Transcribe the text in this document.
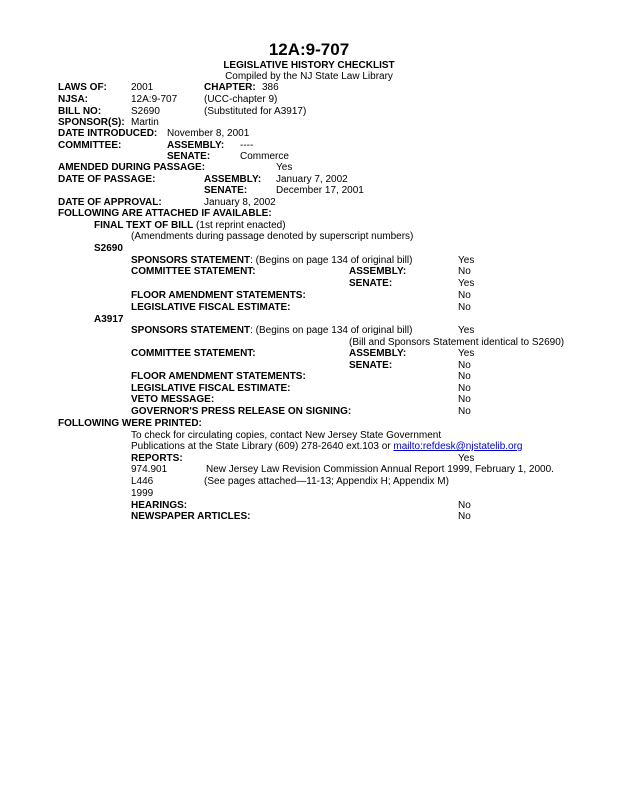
12A:9-707
LEGISLATIVE HISTORY CHECKLIST
Compiled by the NJ State Law Library
LAWS OF: 2001	CHAPTER: 386
NJSA:	12A:9-707	(UCC-chapter 9)
BILL NO:	S2690	(Substituted for A3917)
SPONSOR(S): Martin
DATE INTRODUCED: November 8, 2001
COMMITTEE:	ASSEMBLY: ----
SENATE:	Commerce
AMENDED DURING PASSAGE:	Yes
DATE OF PASSAGE:	ASSEMBLY: January 7, 2002
SENATE:	December 17, 2001
DATE OF APPROVAL:	January 8, 2002
FOLLOWING ARE ATTACHED IF AVAILABLE:
FINAL TEXT OF BILL (1st reprint enacted)
(Amendments during passage denoted by superscript numbers)
S2690
SPONSORS STATEMENT: (Begins on page 134 of original bill)	Yes
COMMITTEE STATEMENT:	ASSEMBLY:	No
SENATE:	Yes
FLOOR AMENDMENT STATEMENTS:	No
LEGISLATIVE FISCAL ESTIMATE:	No
A3917
SPONSORS STATEMENT: (Begins on page 134 of original bill)	Yes
(Bill and Sponsors Statement identical to S2690)
COMMITTEE STATEMENT:	ASSEMBLY:	Yes
SENATE:	No
FLOOR AMENDMENT STATEMENTS:	No
LEGISLATIVE FISCAL ESTIMATE:	No
VETO MESSAGE:	No
GOVERNOR'S PRESS RELEASE ON SIGNING:	No
FOLLOWING WERE PRINTED:
To check for circulating copies, contact New Jersey State Government
Publications at the State Library (609) 278-2640 ext.103 or mailto:refdesk@njstatelib.org
REPORTS:	Yes
974.901	New Jersey Law Revision Commission Annual Report 1999, February 1, 2000.
L446	(See pages attached—11-13; Appendix H; Appendix M)
1999
HEARINGS:	No
NEWSPAPER ARTICLES:	No
